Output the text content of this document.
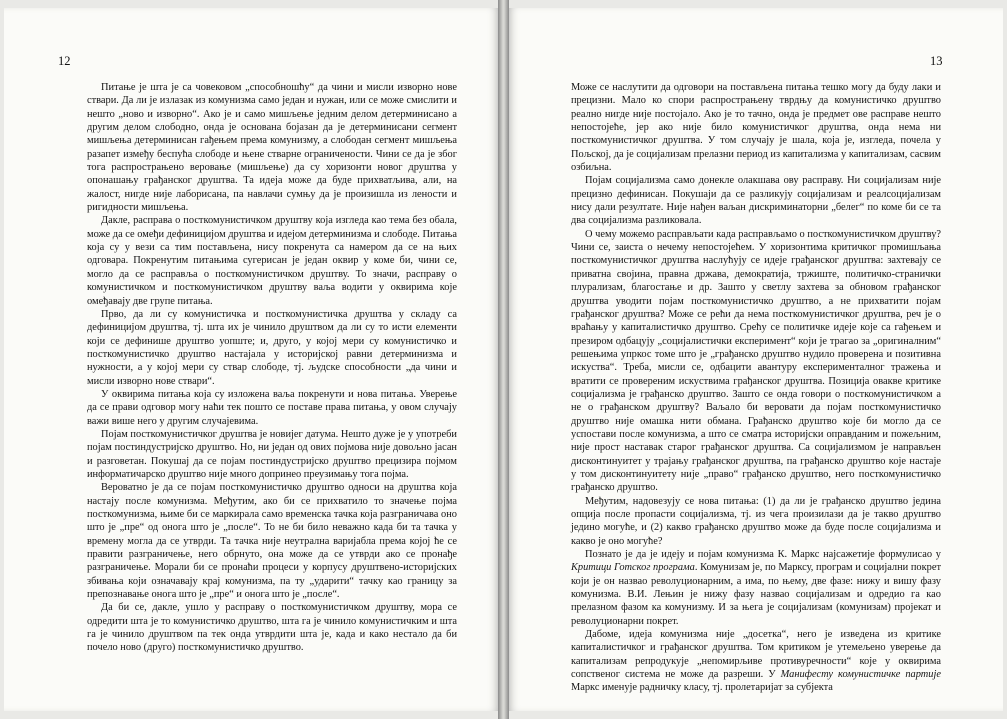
12

Питање је шта је са човековом „способношћу“ да чини и мисли изворно нове ствари. Да ли је излазак из комунизма само један и нужан, или се може смислити и нешто „ново и изворно“. Ако је и само мишљење једним делом детерминисано а другим делом слободно, онда је основана бојазан да је детерминисани сегмент мишљења детерминисан гађењем према комунизму, а слободан сегмент мишљења разапет између беспућа слободе и њене стварне ограничености. Чини се да је због тога распрострањено веровање (мишљење) да су хоризонти новог друштва у опонашању грађанског друштва. Та идеја може да буде прихватљива, али, на жалост, нигде није лаборисана, па навлачи сумњу да је произишла из лености и ригидности мишљења.

Дакле, расправа о посткомунистичком друштву која изгледа као тема без обала, може да се омеђи дефиницијом друштва и идејом детерминизма и слободе. Питања која су у вези са тим постављена, нису покренута са намером да се на њих одговара. Покренутим питањима сугерисан је један оквир у коме би, чини се, могло да се расправља о посткомунистичком друштву. То значи, расправу о комунистичком и посткомунистичком друштву ваља водити у оквирима које омеђавају две групе питања.

Прво, да ли су комунистичка и посткомунистичка друштва у складу са дефиницијом друштва, тј. шта их је чинило друштвом да ли су то исти елементи који се дефинише друштво уопште; и, друго, у којој мери су комунистичко и посткомунистичко друштво настајала у историјској равни детерминизма и нужности, а у којој мери су ствар слободе, тј. људске способности „да чини и мисли изворно нове ствари“.

У оквирима питања која су изложена ваља покренути и нова питања. Уверење да се прави одговор могу наћи тек пошто се поставе права питања, у овом случају важи више него у другим случајевима.

Појам посткомунистичког друштва је новијег датума. Нешто дуже је у употреби појам постиндустријско друштво. Но, ни један од ових појмова није довољно јасан и разговетан. Покушај да се појам постиндустријско друштво прецизира појмом информатичарско друштво није много допринео преузимању тога појма.

Вероватно је да се појам посткомунистичко друштво односи на друштва која настају после комунизма. Међутим, ако би се прихватило то значење појма посткомунизма, њиме би се маркирала само временска тачка која разграничава оно што је „пре“ од онога што је „после“. То не би било неважно када би та тачка у времену могла да се утврди. Та тачка није неутрална варијабла према којој ће се правити разграничење, него обрнуто, она може да се утврди ако се пронађе разграничење. Морали би се пронаћи процеси у корпусу друштвено-историјских збивања који означавају крај комунизма, па ту „ударити“ тачку као границу за препознавање онога што је „пре“ и онога што је „после“.

Да би се, дакле, ушло у расправу о посткомунистичком друштву, мора се одредити шта је то комунистичко друштво, шта га је чинило комунистичким и шта га је чинило друштвом па тек онда утврдити шта је, када и како нестало да би почело ново (друго) посткомунистичко друштво.

13

Може се наслутити да одговори на постављена питања тешко могу да буду лаки и прецизни. Мало ко спори распрострањену тврдњу да комунистичко друштво реално нигде није постојало. Ако је то тачно, онда је предмет ове расправе нешто непостојеће, јер ако није било комунистичког друштва, онда нема ни посткомунистичког друштва. У том случају је шала, која је, изгледа, почела у Пољској, да је социјализам прелазни период из капитализма у капитализам, сасвим озбиљна.

Појам социјализма само донекле олакшава ову расправу. Ни социјализам није прецизно дефинисан. Покушаји да се разликују социјализам и реалсоцијализам нису дали резултате. Није нађен ваљан дискриминаторни „белег“ по коме би се та два социјализма разликовала.

О чему можемо расправљати када расправљамо о посткомунистичком друштву? Чини се, заиста о нечему непостојећем. У хоризонтима критичког промишљања посткомунистичког друштва наслућују се идеје грађанског друштва: захтевају се приватна својина, правна држава, демократија, тржиште, политичко-странички плурализам, благостање и др. Зашто у светлу захтева за обновом грађанског друштва уводити појам посткомунистичко друштво, а не прихватити појам грађанског друштва? Може се рећи да нема посткомунистичког друштва, реч је о враћању у капиталистичко друштво. Срећу се политичке идеје које са гађењем и презиром одбацују „социјалистички експеримент“ који је трагао за „оригиналним“ решењима упркос томе што је „грађанско друштво нудило проверена и позитивна искуства“. Треба, мисли се, одбацити авантуру експерименталног тражења и вратити се провереним искуствима грађанског друштва. Позиција овакве критике социјализма је грађанско друштво. Зашто се онда говори о посткомунистичком а не о грађанском друштву? Ваљало би веровати да појам посткомунистичко друштво није омашка нити обмана. Грађанско друштво које би могло да се успостави после комунизма, а што се сматра историјски оправданим и пожељним, није прост наставак старог грађанског друштва. Са социјализмом је направљен дисконтинуитет у трајању грађанског друштва, па грађанско друштво које настаје у том дисконтинуитету није „право“ грађанско друштво, него посткомунистичко грађанско друштво.

Међутим, надовезују се нова питања: (1) да ли је грађанско друштво једина опција после пропасти социјализма, тј. из чега произилази да је такво друштво једино могуће, и (2) какво грађанско друштво може да буде после социјализма и какво је оно могуће?

Познато је да је идеју и појам комунизма К. Маркс најсажетије формулисао у Критици Готског програма. Комунизам је, по Марксу, програм и социјални покрет који је он назвао револуционарним, а има, по њему, две фазе: нижу и вишу фазу комунизма. В.И. Лењин је нижу фазу назвао социјализам и одредио га као прелазном фазом ка комунизму. И за њега је социјализам (комунизам) пројекат и револуционарни покрет.

Дабоме, идеја комунизма није „досетка“, него је изведена из критике капиталистичког и грађанског друштва. Том критиком је утемељено уверење да капитализам репродукује „непомирљиве противуречности“ које у оквирима сопственог система не може да разреши. У Манифесту комунистичке партије Маркс именује радничку класу, тј. пролетаријат за субјекта
